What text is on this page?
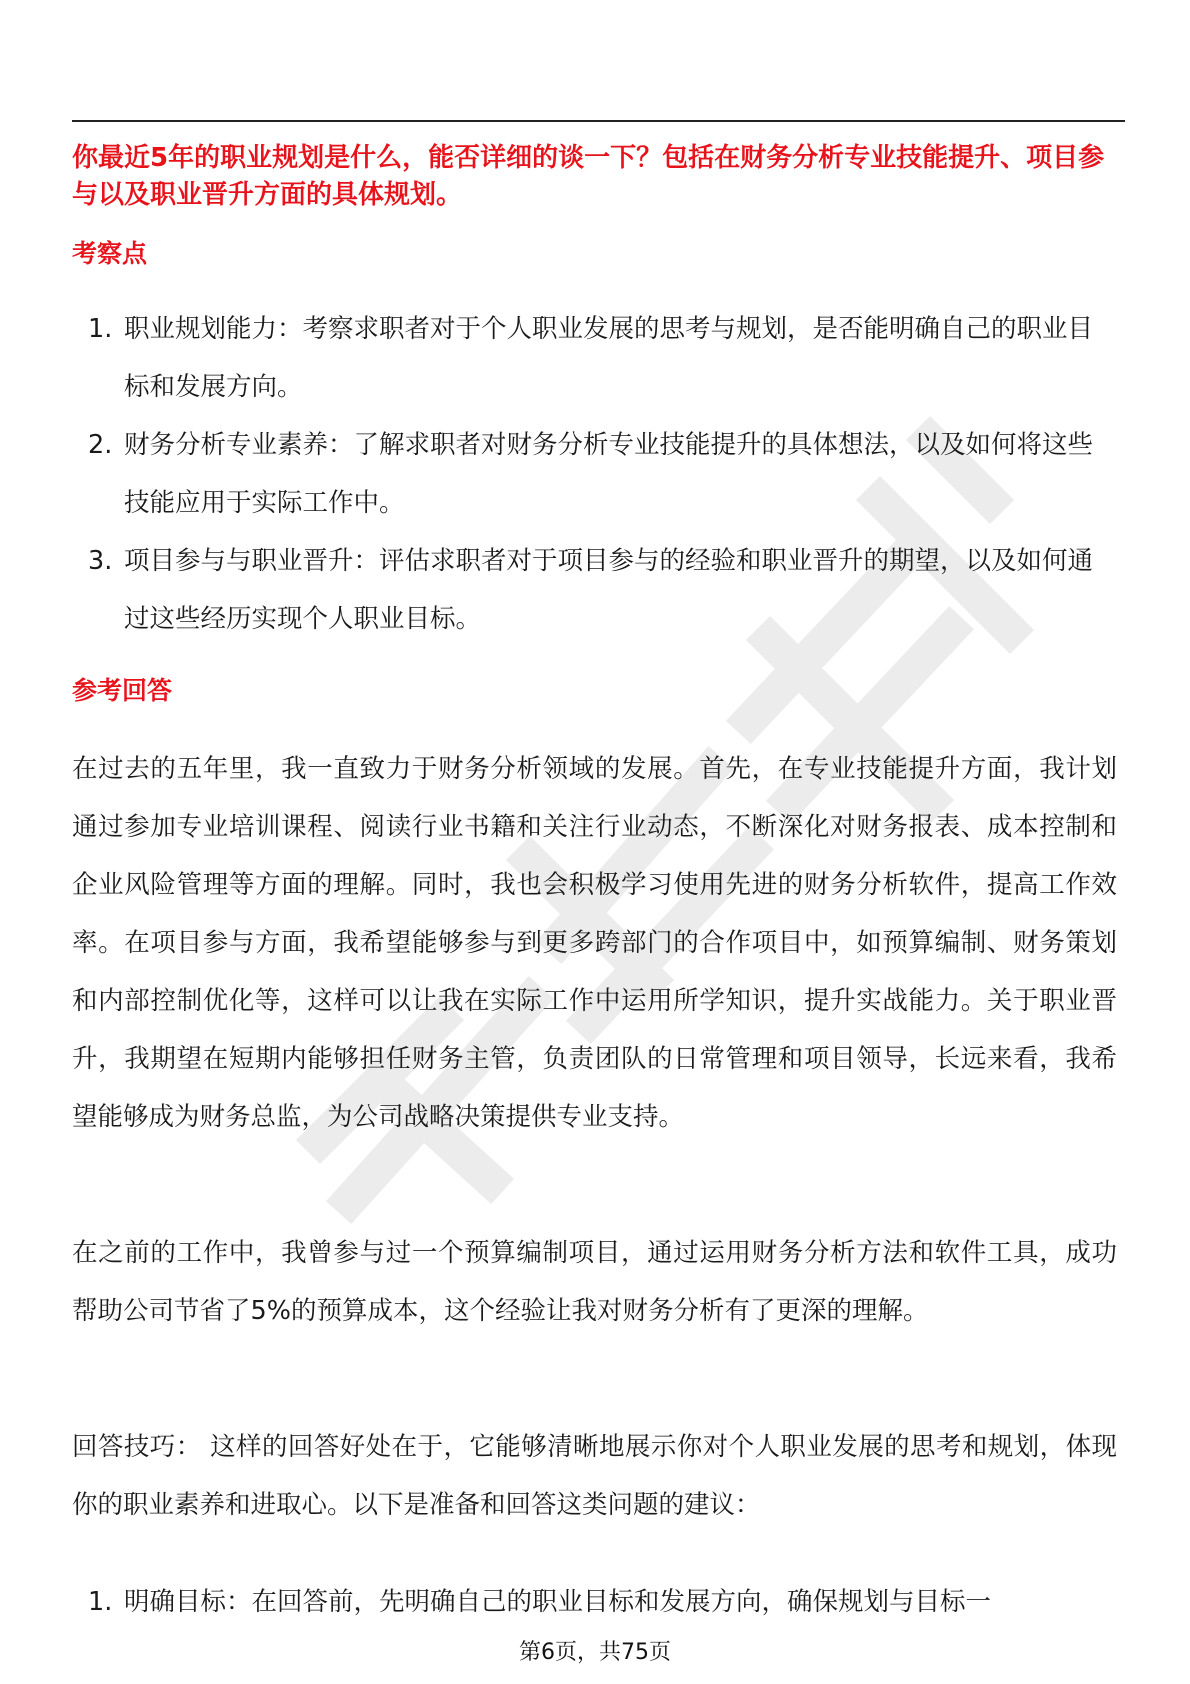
你最近5年的职业规划是什么，能否详细的谈一下？包括在财务分析专业技能提升、项目参与以及职业晋升方面的具体规划。

考察点
1. 职业规划能力：考察求职者对于个人职业发展的思考与规划，是否能明确自己的职业目标和发展方向。
2. 财务分析专业素养：了解求职者对财务分析专业技能提升的具体想法，以及如何将这些技能应用于实际工作中。
3. 项目参与与职业晋升：评估求职者对于项目参与的经验和职业晋升的期望，以及如何通过这些经历实现个人职业目标。
参考回答

在过去的五年里，我一直致力于财务分析领域的发展。首先，在专业技能提升方面，我计划通过参加专业培训课程、阅读行业书籍和关注行业动态，不断深化对财务报表、成本控制和企业风险管理等方面的理解。同时，我也会积极学习使用先进的财务分析软件，提高工作效率。在项目参与方面，我希望能够参与到更多跨部门的合作项目中，如预算编制、财务策划和内部控制优化等，这样可以让我在实际工作中运用所学知识，提升实战能力。关于职业晋升，我期望在短期内能够担任财务主管，负责团队的日常管理和项目领导，长远来看，我希望能够成为财务总监，为公司战略决策提供专业支持。

在之前的工作中，我曾参与过一个预算编制项目，通过运用财务分析方法和软件工具，成功帮助公司节省了5%的预算成本，这个经验让我对财务分析有了更深的理解。

回答技巧： 这样的回答好处在于，它能够清晰地展示你对个人职业发展的思考和规划，体现你的职业素养和进取心。以下是准备和回答这类问题的建议：

1. 明确目标：在回答前，先明确自己的职业目标和发展方向，确保规划与目标一
第6页，共75页
